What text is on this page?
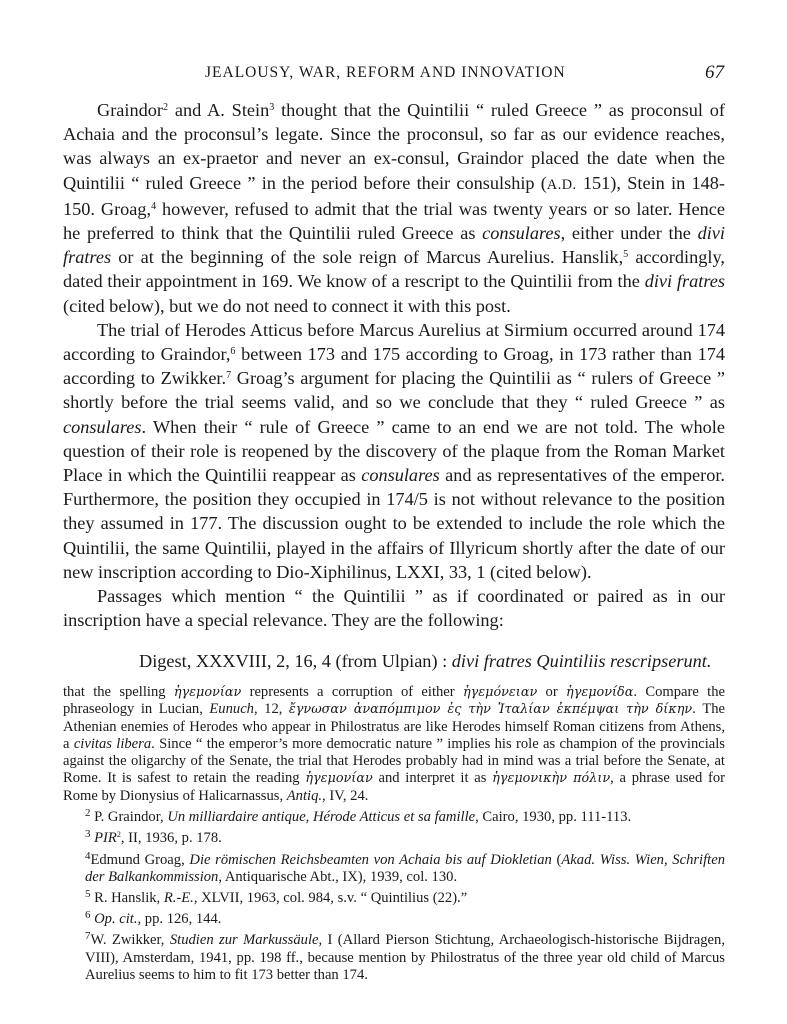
JEALOUSY, WAR, REFORM AND INNOVATION	67

Graindor$^2$ and A. Stein$^3$ thought that the Quintilii “ ruled Greece ” as proconsul of Achaia and the proconsul’s legate. Since the proconsul, so far as our evidence reaches, was always an ex-praetor and never an ex-consul, Graindor placed the date when the Quintilii “ ruled Greece ” in the period before their consulship (A.D. 151), Stein in 148-150. Groag,$^4$ however, refused to admit that the trial was twenty years or so later. Hence he preferred to think that the Quintilii ruled Greece as consulares, either under the divi fratres or at the beginning of the sole reign of Marcus Aurelius. Hanslik,$^5$ accordingly, dated their appointment in 169. We know of a rescript to the Quintilii from the divi fratres (cited below), but we do not need to connect it with this post.

The trial of Herodes Atticus before Marcus Aurelius at Sirmium occurred around 174 according to Graindor,$^6$ between 173 and 175 according to Groag, in 173 rather than 174 according to Zwikker.$^7$ Groag’s argument for placing the Quintilii as “ rulers of Greece ” shortly before the trial seems valid, and so we conclude that they “ ruled Greece ” as consulares. When their “ rule of Greece ” came to an end we are not told. The whole question of their role is reopened by the discovery of the plaque from the Roman Market Place in which the Quintilii reappear as consulares and as representatives of the emperor. Furthermore, the position they occupied in 174/5 is not without relevance to the position they assumed in 177. The discussion ought to be extended to include the role which the Quintilii, the same Quintilii, played in the affairs of Illyricum shortly after the date of our new inscription according to Dio-Xiphilinus, LXXI, 33, 1 (cited below).

Passages which mention “ the Quintilii ” as if coordinated or paired as in our inscription have a special relevance. They are the following:

Digest, XXXVIII, 2, 16, 4 (from Ulpian) : divi fratres Quintiliis rescripserunt.

that the spelling ἡγεμονίαν represents a corruption of either ἡγεμόνειαν or ἡγεμονίδα. Compare the phraseology in Lucian, Eunuch, 12, ἔγνωσαν ἀναπόμπιμον ἐς τὴν Ἰταλίαν ἐκπέμψαι τὴν δίκην. The Athenian enemies of Herodes who appear in Philostratus are like Herodes himself Roman citizens from Athens, a civitas libera. Since “ the emperor’s more democratic nature ” implies his role as champion of the provincials against the oligarchy of the Senate, the trial that Herodes probably had in mind was a trial before the Senate, at Rome. It is safest to retain the reading ἡγεμονίαν and interpret it as ἡγεμονικὴν πόλιν, a phrase used for Rome by Dionysius of Halicarnassus, Antiq., IV, 24.

$^2$ P. Graindor, Un milliardaire antique, Hérode Atticus et sa famille, Cairo, 1930, pp. 111-113.

$^3$ PIR$^2$, II, 1936, p. 178.

$^4$Edmund Groag, Die römischen Reichsbeamten von Achaia bis auf Diokletian (Akad. Wiss. Wien, Schriften der Balkankommission, Antiquarische Abt., IX), 1939, col. 130.

$^5$ R. Hanslik, R.-E., XLVII, 1963, col. 984, s.v. “ Quintilius (22).”

$^6$ Op. cit., pp. 126, 144.

$^7$W. Zwikker, Studien zur Markussäule, I (Allard Pierson Stichtung, Archaeologisch-historische Bijdragen, VIII), Amsterdam, 1941, pp. 198 ff., because mention by Philostratus of the three year old child of Marcus Aurelius seems to him to fit 173 better than 174.
